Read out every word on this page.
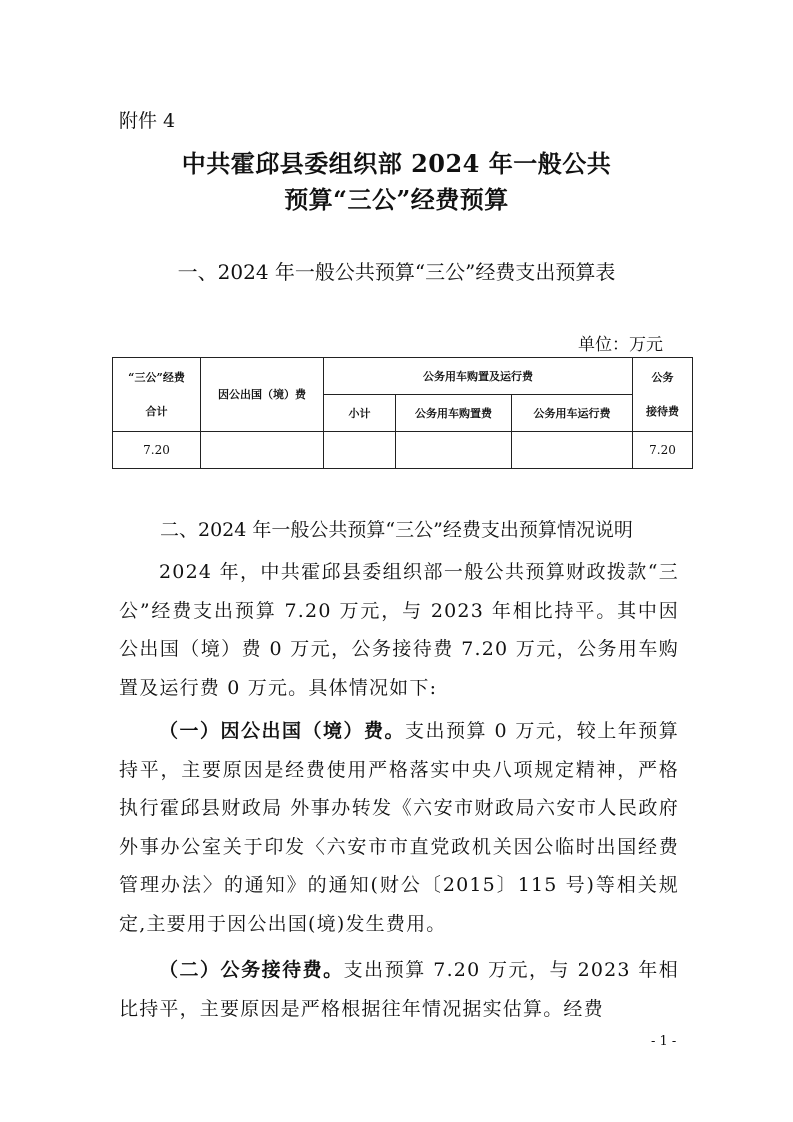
附件 4

中共霍邱县委组织部 2024 年一般公共
预算“三公”经费预算
一、2024 年一般公共预算“三公”经费支出预算表

单位：万元

“三公”经费
合计	因公出国（境）费	公务用车购置及运行费			公务
接待费

		小计	公务用车购置费	公务用车运行费	
7.20					7.20

二、2024 年一般公共预算“三公”经费支出预算情况说明

2024 年，中共霍邱县委组织部一般公共预算财政拨款“三公”经费支出预算 7.20 万元，与 2023 年相比持平。其中因公出国（境）费 0 万元，公务接待费 7.20 万元，公务用车购置及运行费 0 万元。具体情况如下:

（一）因公出国（境）费。支出预算 0 万元，较上年预算持平，主要原因是经费使用严格落实中央八项规定精神，严格执行霍邱县财政局 外事办转发《六安市财政局六安市人民政府外事办公室关于印发〈六安市市直党政机关因公临时出国经费管理办法〉的通知》的通知(财公〔2015〕115 号)等相关规定,主要用于因公出国(境)发生费用。

（二）公务接待费。支出预算 7.20 万元，与 2023 年相比持平，主要原因是严格根据往年情况据实估算。经费

- 1 -
